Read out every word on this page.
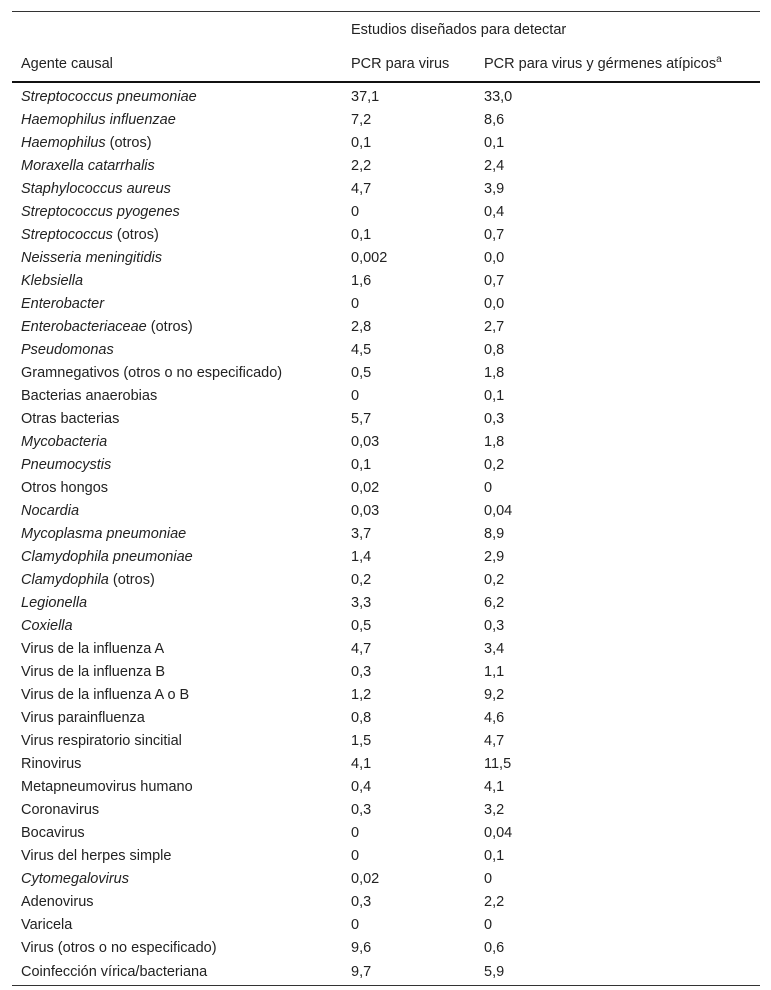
	Estudios diseñados para detectar	
Agente causal	PCR para virus	PCR para virus y gérmenes atípicos$^a$
Streptococcus pneumoniae	37,1	33,0
Haemophilus influenzae	7,2	8,6
Haemophilus (otros)	0,1	0,1
Moraxella catarrhalis	2,2	2,4
Staphylococcus aureus	4,7	3,9
Streptococcus pyogenes	0	0,4
Streptococcus (otros)	0,1	0,7
Neisseria meningitidis	0,002	0,0
Klebsiella	1,6	0,7
Enterobacter	0	0,0
Enterobacteriaceae (otros)	2,8	2,7
Pseudomonas	4,5	0,8
Gramnegativos (otros o no especificado)	0,5	1,8
Bacterias anaerobias	0	0,1
Otras bacterias	5,7	0,3
Mycobacteria	0,03	1,8
Pneumocystis	0,1	0,2
Otros hongos	0,02	0
Nocardia	0,03	0,04
Mycoplasma pneumoniae	3,7	8,9
Clamydophila pneumoniae	1,4	2,9
Clamydophila (otros)	0,2	0,2
Legionella	3,3	6,2
Coxiella	0,5	0,3
Virus de la influenza A	4,7	3,4
Virus de la influenza B	0,3	1,1
Virus de la influenza A o B	1,2	9,2
Virus parainfluenza	0,8	4,6
Virus respiratorio sincitial	1,5	4,7
Rinovirus	4,1	11,5
Metapneumovirus humano	0,4	4,1
Coronavirus	0,3	3,2
Bocavirus	0	0,04
Virus del herpes simple	0	0,1
Cytomegalovirus	0,02	0
Adenovirus	0,3	2,2
Varicela	0	0
Virus (otros o no especificado)	9,6	0,6
Coinfección vírica/bacteriana	9,7	5,9
